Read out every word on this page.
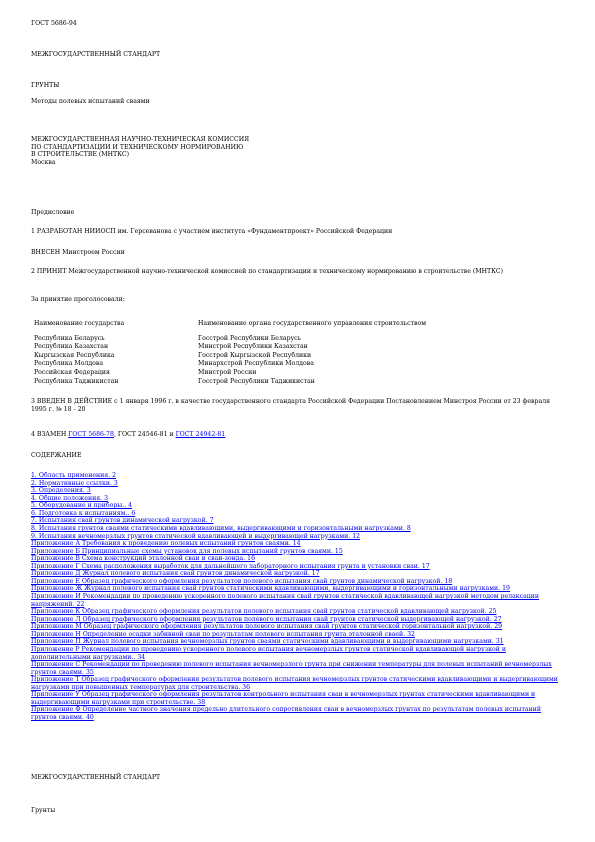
ГОСТ 5686-94
МЕЖГОСУДАРСТВЕННЫЙ СТАНДАРТ
ГРУНТЫ
Методы полевых испытаний сваями
МЕЖГОСУДАРСТВЕННАЯ НАУЧНО-ТЕХНИЧЕСКАЯ КОМИССИЯ
ПО СТАНДАРТИЗАЦИИ И ТЕХНИЧЕСКОМУ НОРМИРОВАНИЮ
В СТРОИТЕЛЬСТВЕ (МНТКС)
Москва
Предисловие
1 РАЗРАБОТАН НИИОСП им. Герсеванова с участием института «Фундаментпроект» Российской Федерации
ВНЕСЕН Минстроем России
2 ПРИНЯТ Межгосударственной научно-технической комиссией по стандартизации и техническому нормированию в строительстве (МНТКС)
За принятие проголосовали:
Наименование государства	Наименование органа государственного управления строительством
Республика Беларусь	Госстрой Республики Беларусь
Республика Казахстан	Минстрой Республики Казахстан
Кыргызская Республика	Госстрой Кыргызской Республики
Республика Молдова	Минархстрой Республики Молдова
Российская Федерация	Минстрой России
Республика Таджикистан	Госстрой Республики Таджикистан
3 ВВЕДЕН В ДЕЙСТВИЕ с 1 января 1996 г. в качестве государственного стандарта Российской Федерации Постановлением Минстроя России от 23 февраля 1995 г. № 18 - 20
4 ВЗАМЕН ГОСТ 5686-78, ГОСТ 24546-81 и ГОСТ 24942-81
СОДЕРЖАНИЕ
1. Область применения. 2
2. Нормативные ссылки. 3
3. Определения. 3
4. Общие положения. 3
5. Оборудование и приборы.. 4
6. Подготовка к испытаниям.. 6
7. Испытания свай грунтов динамической нагрузкой. 7
8. Испытания грунтов сваями статическими вдавливающими, выдергивающими и горизонтальными нагрузками. 8
9. Испытания вечномерзлых грунтов статической вдавливающей и выдергивающей нагрузками. 12
Приложение А Требования к проведению полевых испытаний грунтов сваями. 14
Приложение Б Принципиальные схемы установок для полевых испытаний грунтов сваями. 15
Приложение В Схема конструкций эталонной сваи и сваи-зонда. 16
Приложение Г Схема расположения выработок для дальнейшего лабораторного испытания грунта и установки сваи. 17
Приложение Д Журнал полевого испытания свай грунтов динамической нагрузкой. 17
Приложение Е Образец графического оформления результатов полевого испытания свай грунтов динамической нагрузкой. 18
Приложение Ж Журнал полевого испытания свай грунтов статическими вдавливающими, выдергивающими и горизонтальными нагрузками. 19
Приложение И Рекомендации по проведению ускоренного полевого испытания свай грунтов статической вдавливающей нагрузкой методом релаксации напряжений. 22
Приложение К Образец графического оформления результатов полевого испытания свай грунтов статической вдавливающей нагрузкой. 25
Приложение Л Образец графического оформления результатов полевого испытания свай грунтов статической выдергивающей нагрузкой. 27
Приложение М Образец графического оформления результатов полевого испытания свай грунтов статической горизонтальной нагрузкой. 29
Приложение Н Определение осадки забивной сваи по результатам полевого испытания грунта эталонной сваей. 32
Приложение П Журнал полевого испытания вечномерзлых грунтов сваями статическими вдавливающими и выдергивающими нагрузками. 31
Приложение Р Рекомендации по проведению ускоренного полевого испытания вечномерзлых грунтов статической вдавливающей нагрузкой и дополнительными нагрузками.. 34
Приложение С Рекомендации по проведению полевого испытания вечномерзлого грунта при снижении температуры для полевых испытаний вечномерзлых грунтов сваями. 35
Приложение Т Образец графического оформления результатов полевого испытания вечномерзлых грунтов статическими вдавливающими и выдергивающими нагрузками при повышенных температурах для строительства. 36
Приложение У Образец графического оформления результатов контрольного испытания сваи в вечномерзлых грунтах статическими вдавливающими и выдергивающими нагрузками при строительстве. 38
Приложение Ф Определение частного значения предельно длительного сопротивления сваи в вечномерзлых грунтах по результатам полевых испытаний грунтов сваями. 40
МЕЖГОСУДАРСТВЕННЫЙ СТАНДАРТ
Грунты
